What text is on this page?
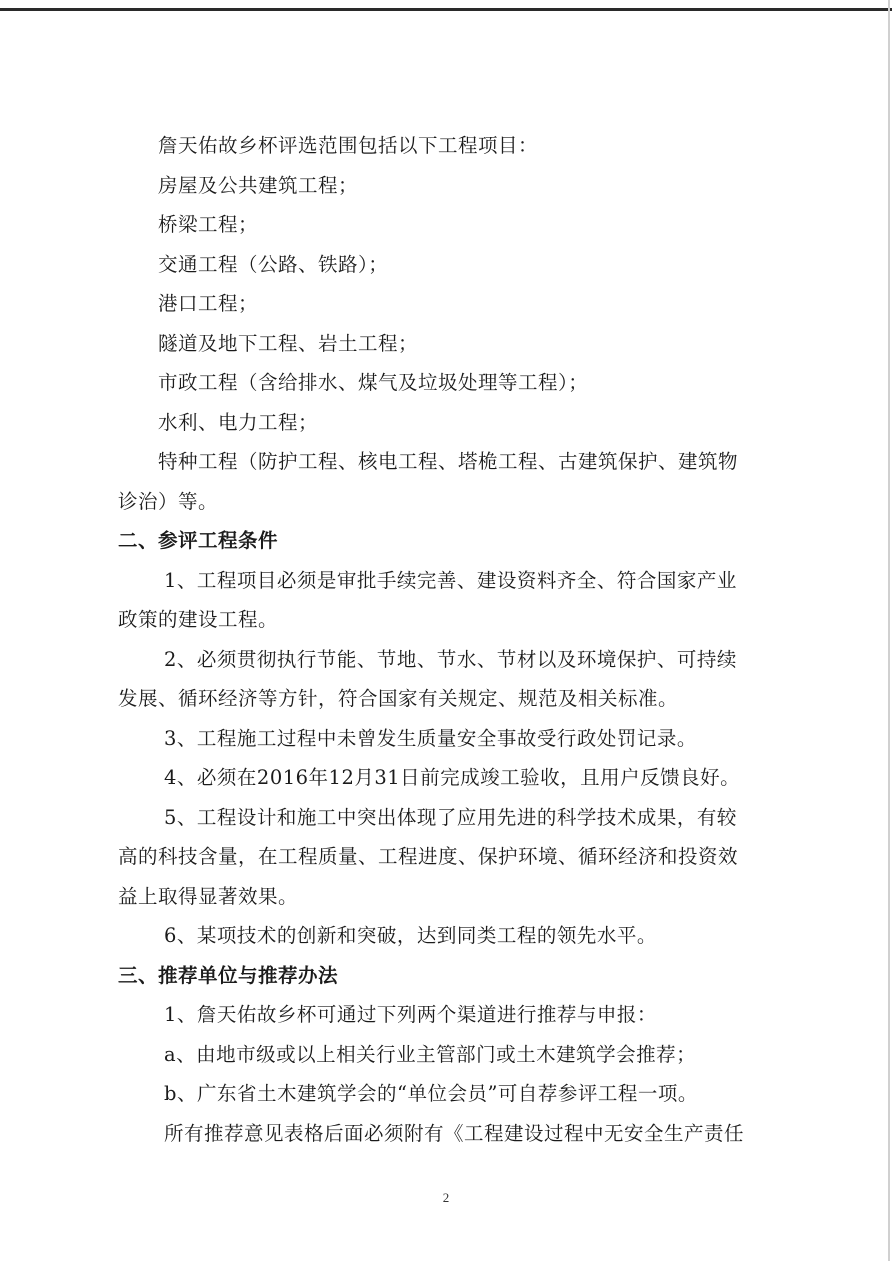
詹天佑故乡杯评选范围包括以下工程项目：
房屋及公共建筑工程；
桥梁工程；
交通工程（公路、铁路）；
港口工程；
隧道及地下工程、岩土工程；
市政工程（含给排水、煤气及垃圾处理等工程）；
水利、电力工程；
特种工程（防护工程、核电工程、塔桅工程、古建筑保护、建筑物
诊治）等。
二、参评工程条件
1、工程项目必须是审批手续完善、建设资料齐全、符合国家产业
政策的建设工程。
2、必须贯彻执行节能、节地、节水、节材以及环境保护、可持续
发展、循环经济等方针，符合国家有关规定、规范及相关标准。
3、工程施工过程中未曾发生质量安全事故受行政处罚记录。
4、必须在2016年12月31日前完成竣工验收，且用户反馈良好。
5、工程设计和施工中突出体现了应用先进的科学技术成果，有较
高的科技含量，在工程质量、工程进度、保护环境、循环经济和投资效
益上取得显著效果。
6、某项技术的创新和突破，达到同类工程的领先水平。
三、推荐单位与推荐办法
1、詹天佑故乡杯可通过下列两个渠道进行推荐与申报：
a、由地市级或以上相关行业主管部门或土木建筑学会推荐；
b、广东省土木建筑学会的“单位会员”可自荐参评工程一项。
所有推荐意见表格后面必须附有《工程建设过程中无安全生产责任
2
